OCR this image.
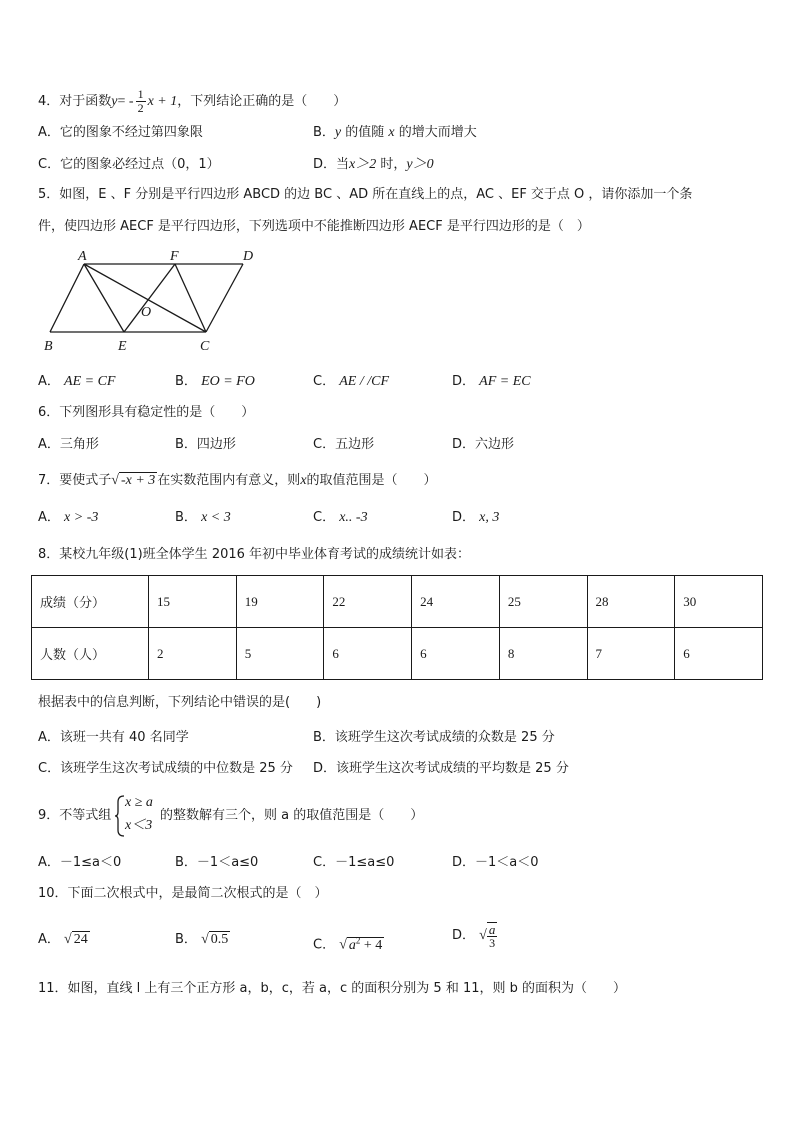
4．对于函数$y= - \frac{1}{2}$ x + 1，下列结论正确的是（　　）
A．它的图象不经过第四象限	B．y 的值随 x 的增大而增大
C．它的图象必经过点（0，1）	D．当x＞2 时，y＞0
5．如图，E 、F 分别是平行四边形 ABCD 的边 BC 、AD 所在直线上的点，AC 、EF 交于点 O ，请你添加一个条
件，使四边形 AECF 是平行四边形，下列选项中不能推断四边形 AECF 是平行四边形的是（　）
A	F	D
O
B	E	C
A． AE = CF	B． EO = FO	C． AE / /CF	D． AF = EC
6．下列图形具有稳定性的是（　　）
A．三角形	B．四边形	C．五边形	D．六边形
7．要使式子√ -x + 3 在实数范围内有意义，则x的取值范围是（　　）
A． x > -3	B． x < 3	C． x.. -3	D． x, 3
8．某校九年级(1)班全体学生 2016 年初中毕业体育考试的成绩统计如表：
成绩（分）	15	19	22	24	25	28	30
人数（人）	2	5	6	6	8	7	6
根据表中的信息判断，下列结论中错误的是(　　)
A．该班一共有 40 名同学	B．该班学生这次考试成绩的众数是 25 分
C．该班学生这次考试成绩的中位数是 25 分 D．该班学生这次考试成绩的平均数是 25 分
9．不等式组
x ≥ a
x＜3
的整数解有三个，则 a 的取值范围是（　　）
A．－1≤a＜0	B．－1＜a≤0	C．－1≤a≤0	D．－1＜a＜0
10．下面二次根式中，是最简二次根式的是（　）
A． √ 24	B． √ 0.5	C． √ $a^2 + 4$
D． √ $\frac{a}{3}$
11．如图，直线 l 上有三个正方形 a，b，c，若 a，c 的面积分别为 5 和 11，则 b 的面积为（　　）
